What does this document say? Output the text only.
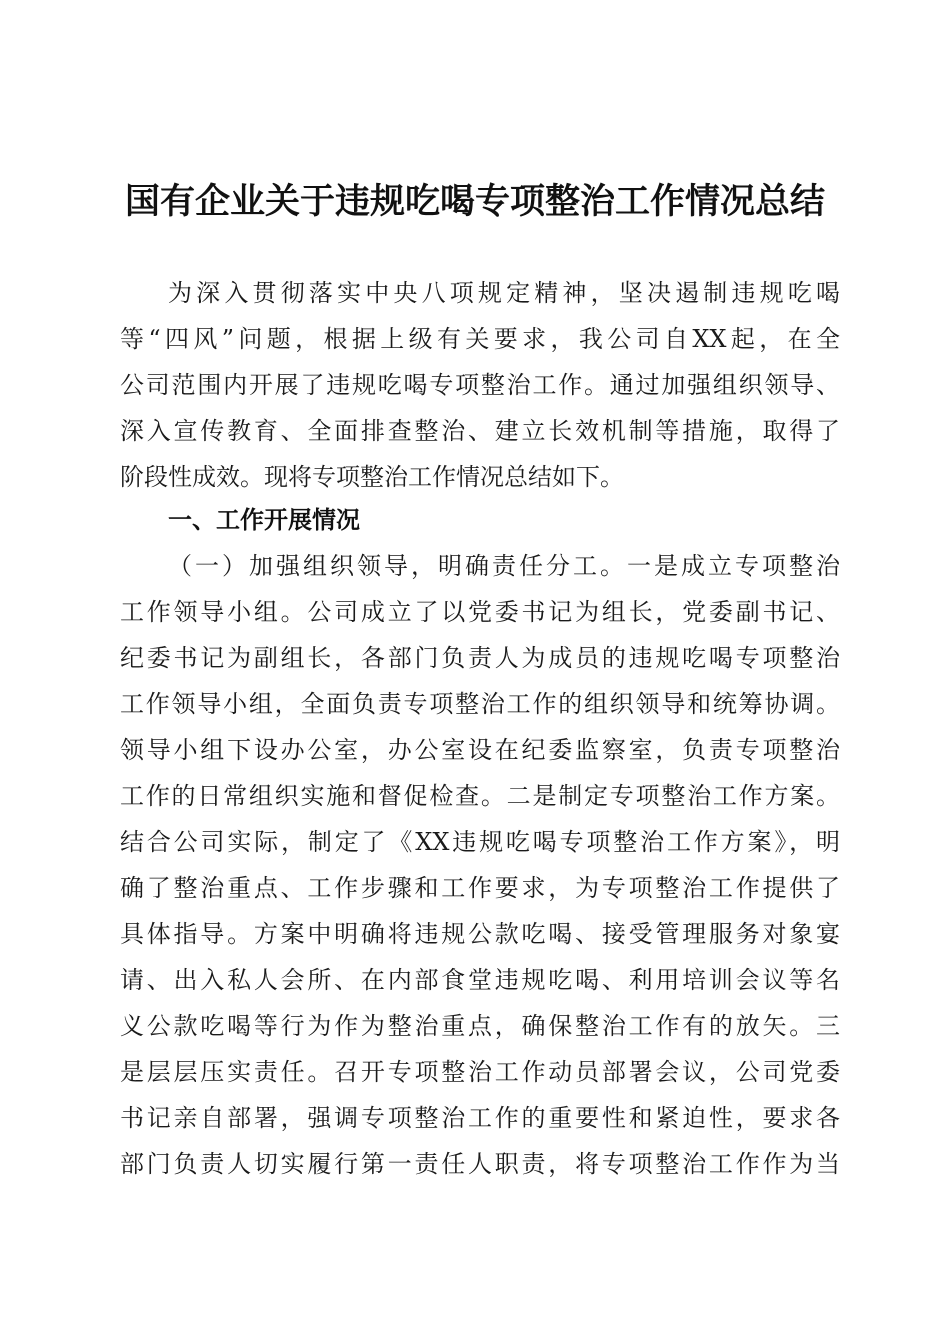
国有企业关于违规吃喝专项整治工作情况总结
为深入贯彻落实中央八项规定精神，坚决遏制违规吃喝
等“四风”问题，根据上级有关要求，我公司自XX起，在全
公司范围内开展了违规吃喝专项整治工作。通过加强组织领导、
深入宣传教育、全面排查整治、建立长效机制等措施，取得了
阶段性成效。现将专项整治工作情况总结如下。
一、工作开展情况
（一）加强组织领导，明确责任分工。一是成立专项整治
工作领导小组。公司成立了以党委书记为组长，党委副书记、
纪委书记为副组长，各部门负责人为成员的违规吃喝专项整治
工作领导小组，全面负责专项整治工作的组织领导和统筹协调。
领导小组下设办公室，办公室设在纪委监察室，负责专项整治
工作的日常组织实施和督促检查。二是制定专项整治工作方案。
结合公司实际，制定了《XX违规吃喝专项整治工作方案》，明
确了整治重点、工作步骤和工作要求，为专项整治工作提供了
具体指导。方案中明确将违规公款吃喝、接受管理服务对象宴
请、出入私人会所、在内部食堂违规吃喝、利用培训会议等名
义公款吃喝等行为作为整治重点，确保整治工作有的放矢。三
是层层压实责任。召开专项整治工作动员部署会议，公司党委
书记亲自部署，强调专项整治工作的重要性和紧迫性，要求各
部门负责人切实履行第一责任人职责，将专项整治工作作为当
